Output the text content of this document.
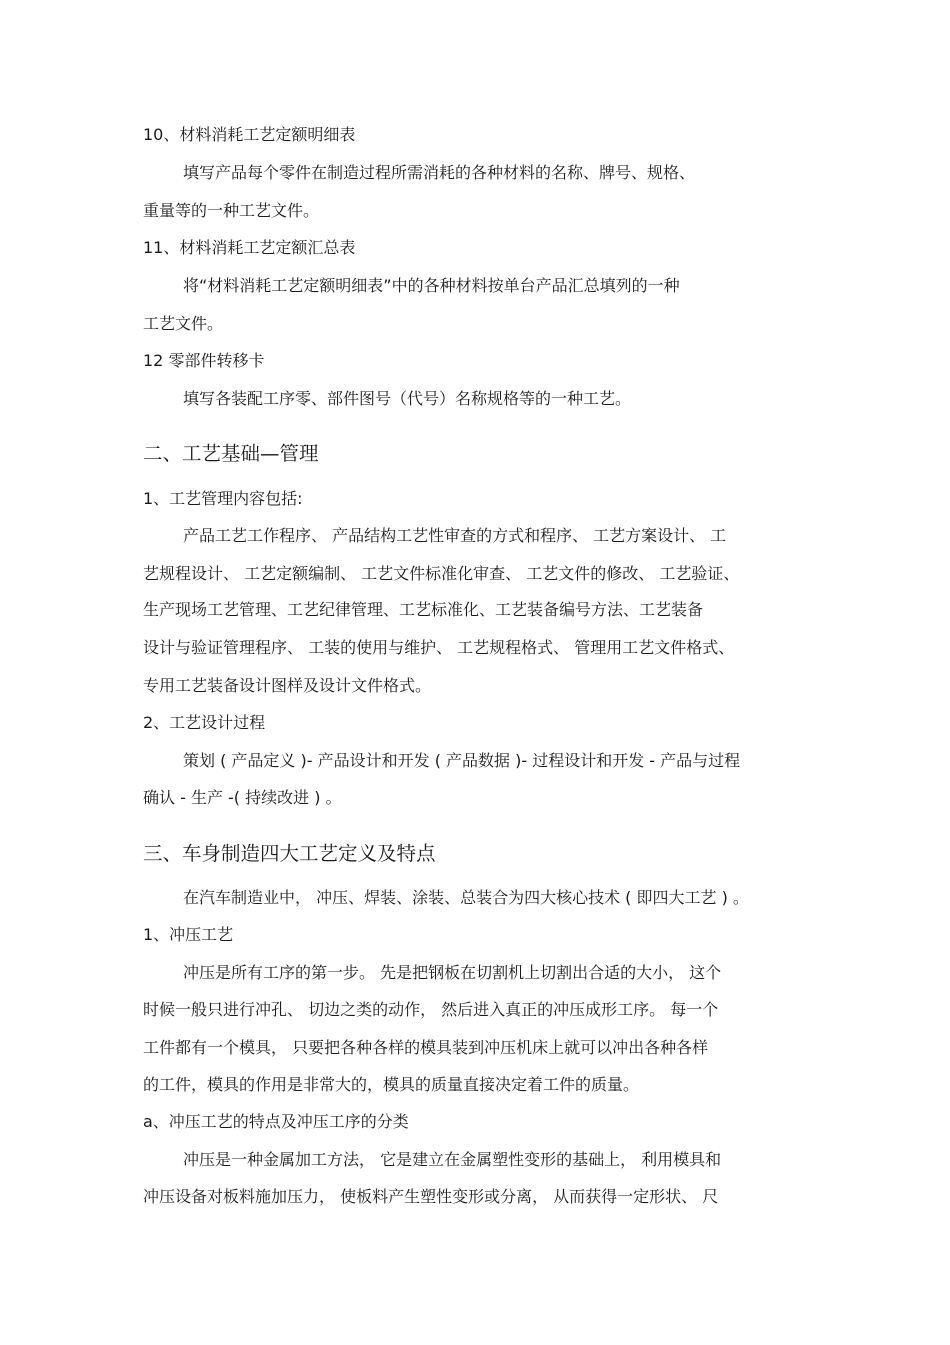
10、材料消耗工艺定额明细表

填写产品每个零件在制造过程所需消耗的各种材料的名称、牌号、规格、

重量等的一种工艺文件。

11、材料消耗工艺定额汇总表

将“材料消耗工艺定额明细表”中的各种材料按单台产品汇总填列的一种

工艺文件。

12 零部件转移卡

填写各装配工序零、部件图号（代号）名称规格等的一种工艺。

二、工艺基础—管理

1、工艺管理内容包括:

产品工艺工作程序、 产品结构工艺性审查的方式和程序、 工艺方案设计、 工

艺规程设计、 工艺定额编制、 工艺文件标准化审查、 工艺文件的修改、 工艺验证、

生产现场工艺管理、工艺纪律管理、工艺标准化、工艺装备编号方法、工艺装备

设计与验证管理程序、 工装的使用与维护、 工艺规程格式、 管理用工艺文件格式、

专用工艺装备设计图样及设计文件格式。

2、工艺设计过程

策划 ( 产品定义 )- 产品设计和开发 ( 产品数据 )- 过程设计和开发 - 产品与过程

确认 - 生产 -( 持续改进 ) 。

三、车身制造四大工艺定义及特点

在汽车制造业中， 冲压、焊装、涂装、总装合为四大核心技术 ( 即四大工艺 ) 。

1、冲压工艺

冲压是所有工序的第一步。 先是把钢板在切割机上切割出合适的大小， 这个

时候一般只进行冲孔、 切边之类的动作， 然后进入真正的冲压成形工序。 每一个

工件都有一个模具， 只要把各种各样的模具装到冲压机床上就可以冲出各种各样

的工件，模具的作用是非常大的，模具的质量直接决定着工件的质量。

a、冲压工艺的特点及冲压工序的分类

冲压是一种金属加工方法， 它是建立在金属塑性变形的基础上， 利用模具和

冲压设备对板料施加压力， 使板料产生塑性变形或分离， 从而获得一定形状、 尺
